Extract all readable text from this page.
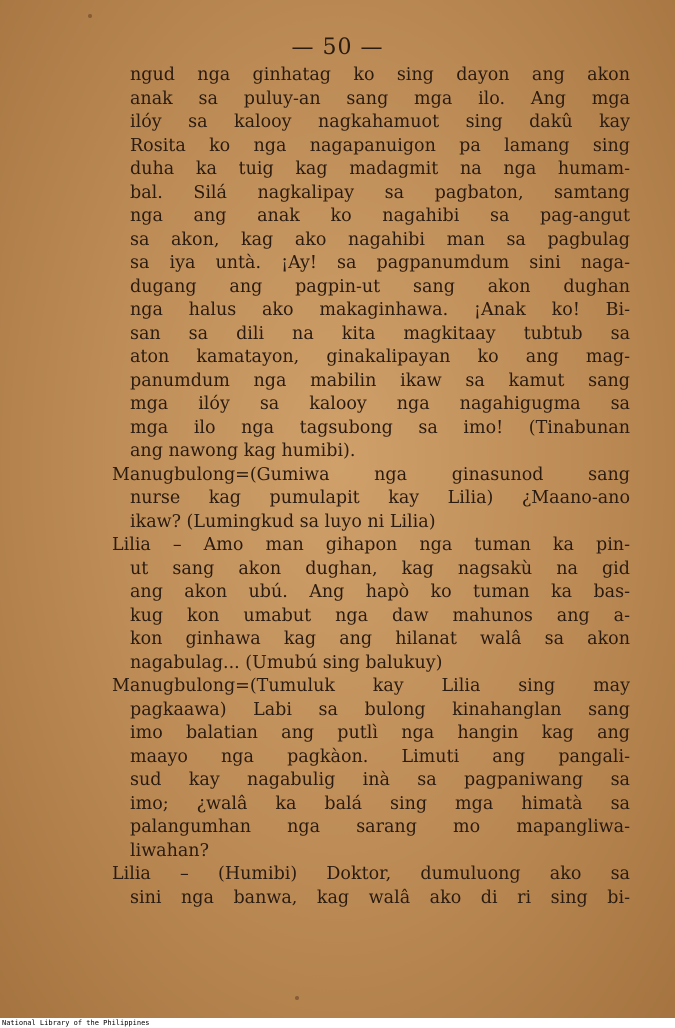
— 50 —
ngud nga ginhatag ko sing dayon ang akon
anak sa puluy-an sang mga ilo. Ang mga
ilóy sa kalooy nagkahamuot sing dakû kay
Rosita ko nga nagapanuigon pa lamang sing
duha ka tuig kag madagmit na nga humam-
bal. Silá nagkalipay sa pagbaton, samtang
nga ang anak ko nagahibi sa pag-angut
sa akon, kag ako nagahibi man sa pagbulag
sa iya untà. ¡Ay! sa pagpanumdum sini naga-
dugang ang pagpin-ut sang akon dughan
nga halus ako makaginhawa. ¡Anak ko! Bi-
san sa dili na kita magkitaay tubtub sa
aton kamatayon, ginakalipayan ko ang mag-
panumdum nga mabilin ikaw sa kamut sang
mga ilóy sa kalooy nga nagahigugma sa
mga ilo nga tagsubong sa imo! (Tinabunan
ang nawong kag humibi).
Manugbulong=(Gumiwa nga ginasunod sang
nurse kag pumulapit kay Lilia) ¿Maano-ano
ikaw? (Lumingkud sa luyo ni Lilia)
Lilia – Amo man gihapon nga tuman ka pin-
ut sang akon dughan, kag nagsakù na gid
ang akon ubú. Ang hapò ko tuman ka bas-
kug kon umabut nga daw mahunos ang a-
kon ginhawa kag ang hilanat walâ sa akon
nagabulag... (Umubú sing balukuy)
Manugbulong=(Tumuluk kay Lilia sing may
pagkaawa) Labi sa bulong kinahanglan sang
imo balatian ang putlì nga hangin kag ang
maayo nga pagkàon. Limuti ang pangali-
sud kay nagabulig inà sa pagpaniwang sa
imo; ¿walâ ka balá sing mga himatà sa
palangumhan nga sarang mo mapangliwa-
liwahan?
Lilia – (Humibi) Doktor, dumuluong ako sa
sini nga banwa, kag walâ ako di ri sing bi-
National Library of the Philippines
